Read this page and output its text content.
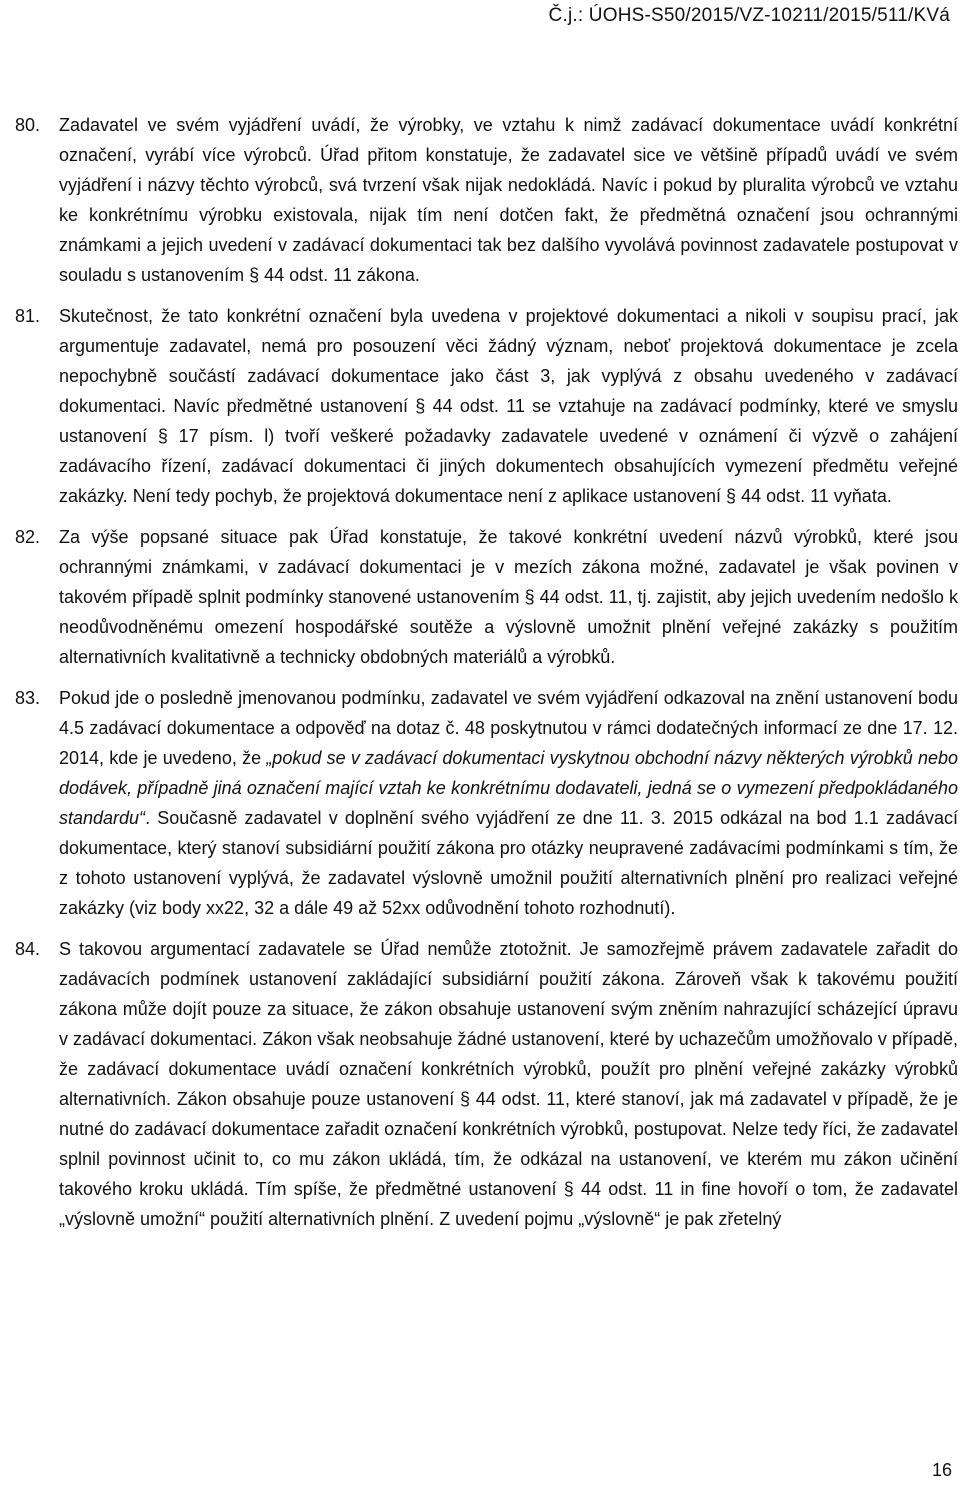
Č.j.: ÚOHS-S50/2015/VZ-10211/2015/511/KVá
80.	Zadavatel ve svém vyjádření uvádí, že výrobky, ve vztahu k nimž zadávací dokumentace uvádí konkrétní označení, vyrábí více výrobců. Úřad přitom konstatuje, že zadavatel sice ve většině případů uvádí ve svém vyjádření i názvy těchto výrobců, svá tvrzení však nijak nedokládá. Navíc i pokud by pluralita výrobců ve vztahu ke konkrétnímu výrobku existovala, nijak tím není dotčen fakt, že předmětná označení jsou ochrannými známkami a jejich uvedení v zadávací dokumentaci tak bez dalšího vyvolává povinnost zadavatele postupovat v souladu s ustanovením § 44 odst. 11 zákona.
81.	Skutečnost, že tato konkrétní označení byla uvedena v projektové dokumentaci a nikoli v soupisu prací, jak argumentuje zadavatel, nemá pro posouzení věci žádný význam, neboť projektová dokumentace je zcela nepochybně součástí zadávací dokumentace jako část 3, jak vyplývá z obsahu uvedeného v zadávací dokumentaci. Navíc předmětné ustanovení § 44 odst. 11 se vztahuje na zadávací podmínky, které ve smyslu ustanovení § 17 písm. l) tvoří veškeré požadavky zadavatele uvedené v oznámení či výzvě o zahájení zadávacího řízení, zadávací dokumentaci či jiných dokumentech obsahujících vymezení předmětu veřejné zakázky. Není tedy pochyb, že projektová dokumentace není z aplikace ustanovení § 44 odst. 11 vyňata.
82.	Za výše popsané situace pak Úřad konstatuje, že takové konkrétní uvedení názvů výrobků, které jsou ochrannými známkami, v zadávací dokumentaci je v mezích zákona možné, zadavatel je však povinen v takovém případě splnit podmínky stanovené ustanovením § 44 odst. 11, tj. zajistit, aby jejich uvedením nedošlo k neodůvodněnému omezení hospodářské soutěže a výslovně umožnit plnění veřejné zakázky s použitím alternativních kvalitativně a technicky obdobných materiálů a výrobků.
83.	Pokud jde o posledně jmenovanou podmínku, zadavatel ve svém vyjádření odkazoval na znění ustanovení bodu 4.5 zadávací dokumentace a odpověď na dotaz č. 48 poskytnutou v rámci dodatečných informací ze dne 17. 12. 2014, kde je uvedeno, že „pokud se v zadávací dokumentaci vyskytnou obchodní názvy některých výrobků nebo dodávek, případně jiná označení mající vztah ke konkrétnímu dodavateli, jedná se o vymezení předpokládaného standardu“. Současně zadavatel v doplnění svého vyjádření ze dne 11. 3. 2015 odkázal na bod 1.1 zadávací dokumentace, který stanoví subsidiární použití zákona pro otázky neupravené zadávacími podmínkami s tím, že z tohoto ustanovení vyplývá, že zadavatel výslovně umožnil použití alternativních plnění pro realizaci veřejné zakázky (viz body xx22, 32 a dále 49 až 52xx odůvodnění tohoto rozhodnutí).
84.	S takovou argumentací zadavatele se Úřad nemůže ztotožnit. Je samozřejmě právem zadavatele zařadit do zadávacích podmínek ustanovení zakládající subsidiární použití zákona. Zároveň však k takovému použití zákona může dojít pouze za situace, že zákon obsahuje ustanovení svým zněním nahrazující scházející úpravu v zadávací dokumentaci. Zákon však neobsahuje žádné ustanovení, které by uchazečům umožňovalo v případě, že zadávací dokumentace uvádí označení konkrétních výrobků, použít pro plnění veřejné zakázky výrobků alternativních. Zákon obsahuje pouze ustanovení § 44 odst. 11, které stanoví, jak má zadavatel v případě, že je nutné do zadávací dokumentace zařadit označení konkrétních výrobků, postupovat. Nelze tedy říci, že zadavatel splnil povinnost učinit to, co mu zákon ukládá, tím, že odkázal na ustanovení, ve kterém mu zákon učinění takového kroku ukládá. Tím spíše, že předmětné ustanovení § 44 odst. 11 in fine hovoří o tom, že zadavatel „výslovně umožní“ použití alternativních plnění. Z uvedení pojmu „výslovně“ je pak zřetelný
16
